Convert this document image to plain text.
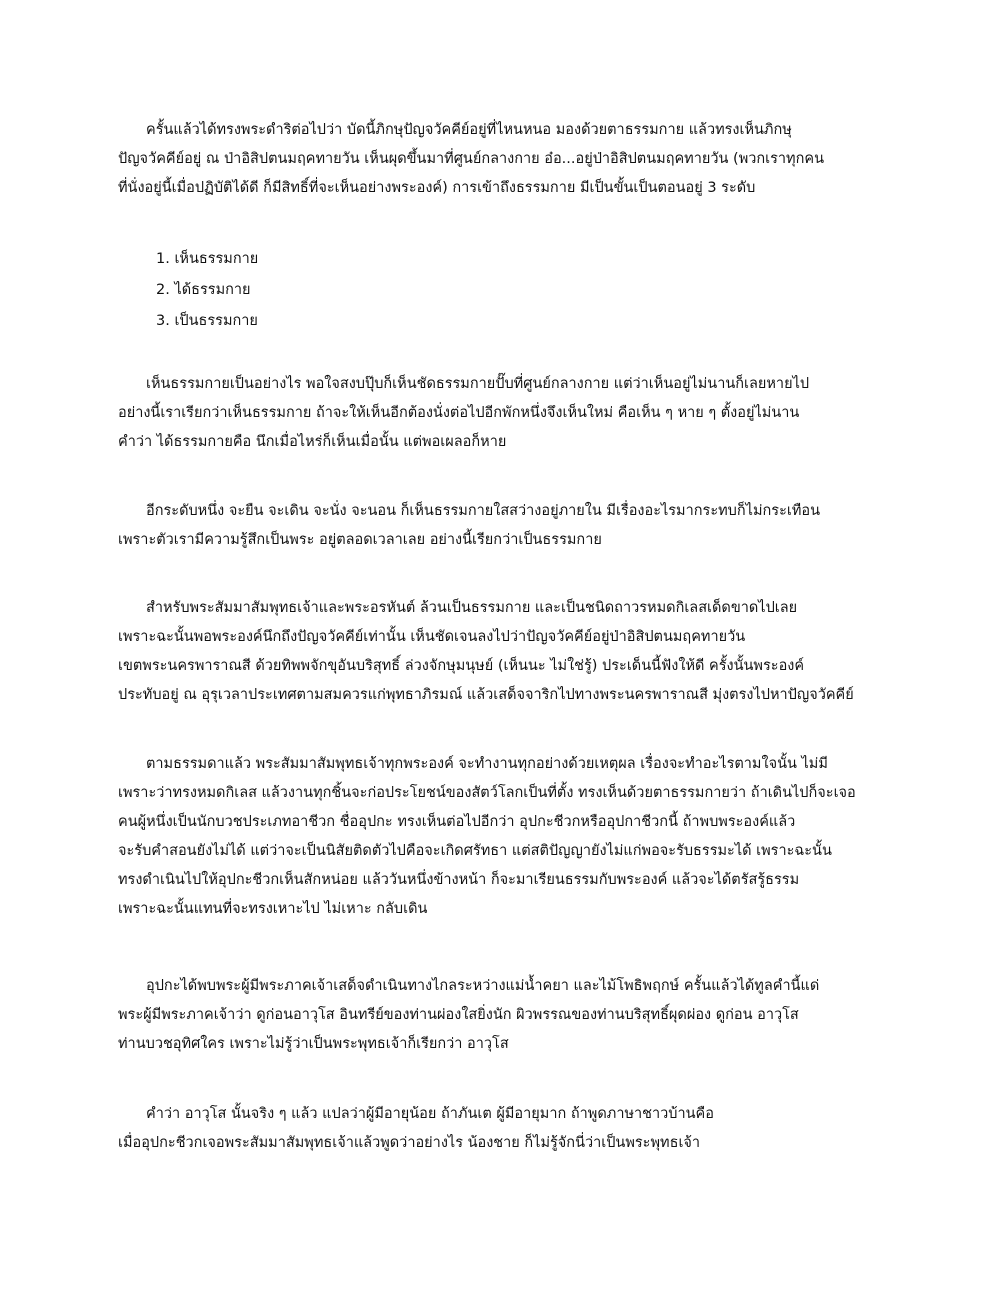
ครั้นแล้วได้ทรงพระดำริต่อไปว่า บัดนี้ภิกษุปัญจวัคคีย์อยู่ที่ไหนหนอ มองด้วยตาธรรมกาย แล้วทรงเห็นภิกษุ
ปัญจวัคคีย์อยู่ ณ ป่าอิสิปตนมฤคทายวัน เห็นผุดขึ้นมาที่ศูนย์กลางกาย อ๋อ...อยู่ป่าอิสิปตนมฤคทายวัน (พวกเราทุกคน
ที่นั่งอยู่นี้เมื่อปฏิบัติได้ดี ก็มีสิทธิ์ที่จะเห็นอย่างพระองค์) การเข้าถึงธรรมกาย มีเป็นขั้นเป็นตอนอยู่ 3 ระดับ
1. เห็นธรรมกาย
2. ได้ธรรมกาย
3. เป็นธรรมกาย
เห็นธรรมกายเป็นอย่างไร พอใจสงบปุ๊บก็เห็นชัดธรรมกายปั๊บที่ศูนย์กลางกาย แต่ว่าเห็นอยู่ไม่นานก็เลยหายไป
อย่างนี้เราเรียกว่าเห็นธรรมกาย ถ้าจะให้เห็นอีกต้องนั่งต่อไปอีกพักหนึ่งจึงเห็นใหม่ คือเห็น ๆ หาย ๆ ตั้งอยู่ไม่นาน
คำว่า ได้ธรรมกายคือ นึกเมื่อไหร่ก็เห็นเมื่อนั้น แต่พอเผลอก็หาย
อีกระดับหนึ่ง จะยืน จะเดิน จะนั่ง จะนอน ก็เห็นธรรมกายใสสว่างอยู่ภายใน มีเรื่องอะไรมากระทบก็ไม่กระเทือน
เพราะตัวเรามีความรู้สึกเป็นพระ อยู่ตลอดเวลาเลย อย่างนี้เรียกว่าเป็นธรรมกาย
สำหรับพระสัมมาสัมพุทธเจ้าและพระอรหันต์ ล้วนเป็นธรรมกาย และเป็นชนิดถาวรหมดกิเลสเด็ดขาดไปเลย
เพราะฉะนั้นพอพระองค์นึกถึงปัญจวัคคีย์เท่านั้น เห็นชัดเจนลงไปว่าปัญจวัคคีย์อยู่ป่าอิสิปตนมฤคทายวัน
เขตพระนครพาราณสี ด้วยทิพพจักขุอันบริสุทธิ์ ล่วงจักษุมนุษย์ (เห็นนะ ไม่ใช่รู้) ประเด็นนี้ฟังให้ดี ครั้งนั้นพระองค์
ประทับอยู่ ณ อุรุเวลาประเทศตามสมควรแก่พุทธาภิรมณ์ แล้วเสด็จจาริกไปทางพระนครพาราณสี มุ่งตรงไปหาปัญจวัคคีย์
ตามธรรมดาแล้ว พระสัมมาสัมพุทธเจ้าทุกพระองค์ จะทำงานทุกอย่างด้วยเหตุผล เรื่องจะทำอะไรตามใจนั้น ไม่มี
เพราะว่าทรงหมดกิเลส แล้วงานทุกชิ้นจะก่อประโยชน์ของสัตว์โลกเป็นที่ตั้ง ทรงเห็นด้วยตาธรรมกายว่า ถ้าเดินไปก็จะเจอ
คนผู้หนึ่งเป็นนักบวชประเภทอาชีวก ชื่ออุปกะ ทรงเห็นต่อไปอีกว่า อุปกะชีวกหรืออุปกาชีวกนี้ ถ้าพบพระองค์แล้ว
จะรับคำสอนยังไม่ได้ แต่ว่าจะเป็นนิสัยติดตัวไปคือจะเกิดศรัทธา แต่สติปัญญายังไม่แก่พอจะรับธรรมะได้ เพราะฉะนั้น
ทรงดำเนินไปให้อุปกะชีวกเห็นสักหน่อย แล้ววันหนึ่งข้างหน้า ก็จะมาเรียนธรรมกับพระองค์ แล้วจะได้ตรัสรู้ธรรม
เพราะฉะนั้นแทนที่จะทรงเหาะไป ไม่เหาะ กลับเดิน
อุปกะได้พบพระผู้มีพระภาคเจ้าเสด็จดำเนินทางไกลระหว่างแม่น้ำคยา และไม้โพธิพฤกษ์ ครั้นแล้วได้ทูลคำนี้แด่
พระผู้มีพระภาคเจ้าว่า ดูก่อนอาวุโส อินทรีย์ของท่านผ่องใสยิ่งนัก ผิวพรรณของท่านบริสุทธิ์ผุดผ่อง ดูก่อน อาวุโส
ท่านบวชอุทิศใคร เพราะไม่รู้ว่าเป็นพระพุทธเจ้าก็เรียกว่า อาวุโส
คำว่า อาวุโส นั้นจริง ๆ แล้ว แปลว่าผู้มีอายุน้อย ถ้าภันเต ผู้มีอายุมาก ถ้าพูดภาษาชาวบ้านคือ
เมื่ออุปกะชีวกเจอพระสัมมาสัมพุทธเจ้าแล้วพูดว่าอย่างไร น้องชาย ก็ไม่รู้จักนี่ว่าเป็นพระพุทธเจ้า
